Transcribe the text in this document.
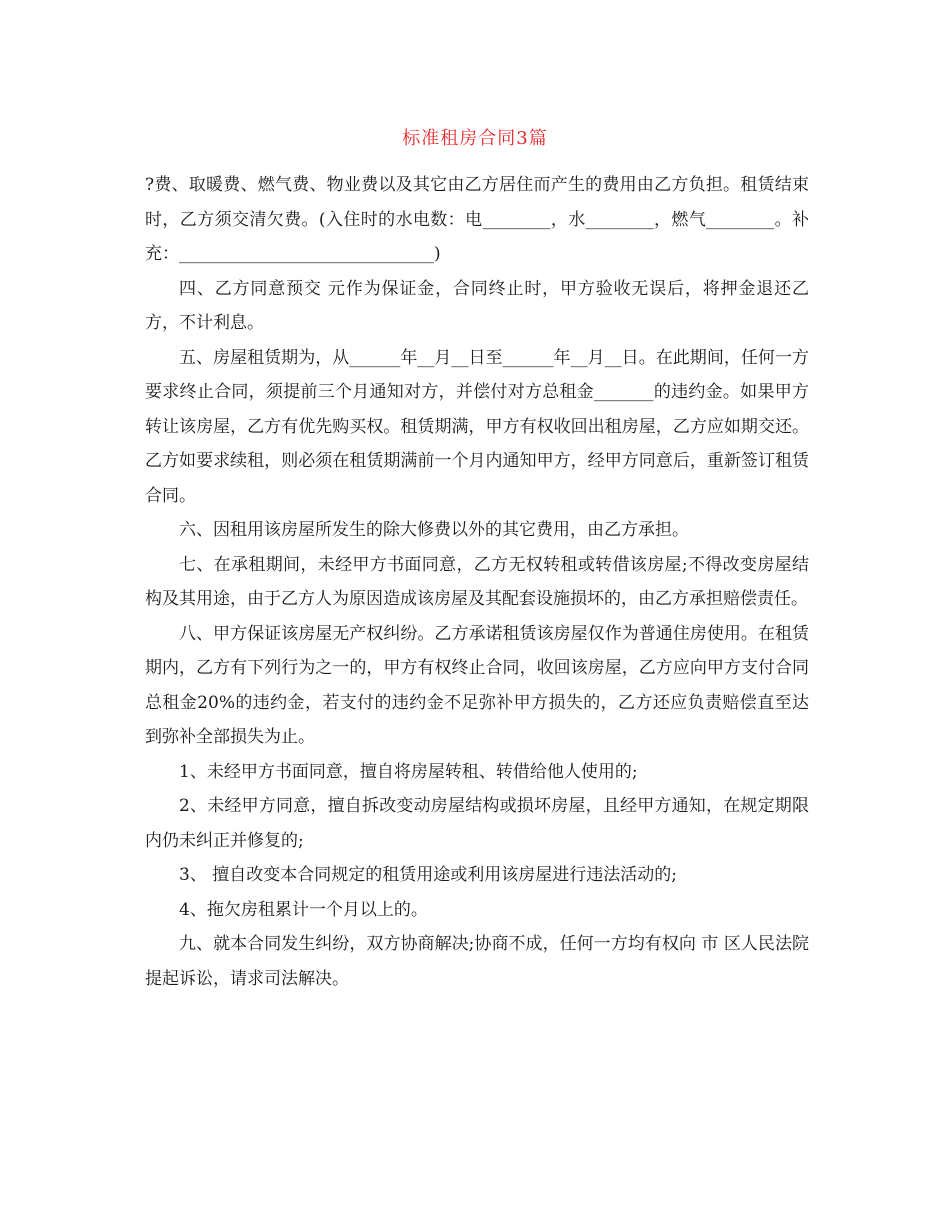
标准租房合同3篇

?费、取暖费、燃气费、物业费以及其它由乙方居住而产生的费用由乙方负担。租赁结束时，乙方须交清欠费。(入住时的水电数：电________，水________，燃气________。补充：______________________________)

四、乙方同意预交 元作为保证金，合同终止时，甲方验收无误后，将押金退还乙方，不计利息。

五、房屋租赁期为，从______年__月__日至______年__月__日。在此期间，任何一方要求终止合同，须提前三个月通知对方，并偿付对方总租金_______的违约金。如果甲方转让该房屋，乙方有优先购买权。租赁期满，甲方有权收回出租房屋，乙方应如期交还。乙方如要求续租，则必须在租赁期满前一个月内通知甲方，经甲方同意后，重新签订租赁合同。

六、因租用该房屋所发生的除大修费以外的其它费用，由乙方承担。

七、在承租期间，未经甲方书面同意，乙方无权转租或转借该房屋;不得改变房屋结构及其用途，由于乙方人为原因造成该房屋及其配套设施损坏的，由乙方承担赔偿责任。

八、甲方保证该房屋无产权纠纷。乙方承诺租赁该房屋仅作为普通住房使用。在租赁期内，乙方有下列行为之一的，甲方有权终止合同，收回该房屋，乙方应向甲方支付合同总租金20%的违约金，若支付的违约金不足弥补甲方损失的，乙方还应负责赔偿直至达到弥补全部损失为止。

1、未经甲方书面同意，擅自将房屋转租、转借给他人使用的;

2、未经甲方同意，擅自拆改变动房屋结构或损坏房屋，且经甲方通知，在规定期限内仍未纠正并修复的;

3、 擅自改变本合同规定的租赁用途或利用该房屋进行违法活动的;

4、拖欠房租累计一个月以上的。

九、就本合同发生纠纷，双方协商解决;协商不成，任何一方均有权向 市 区人民法院提起诉讼，请求司法解决。
